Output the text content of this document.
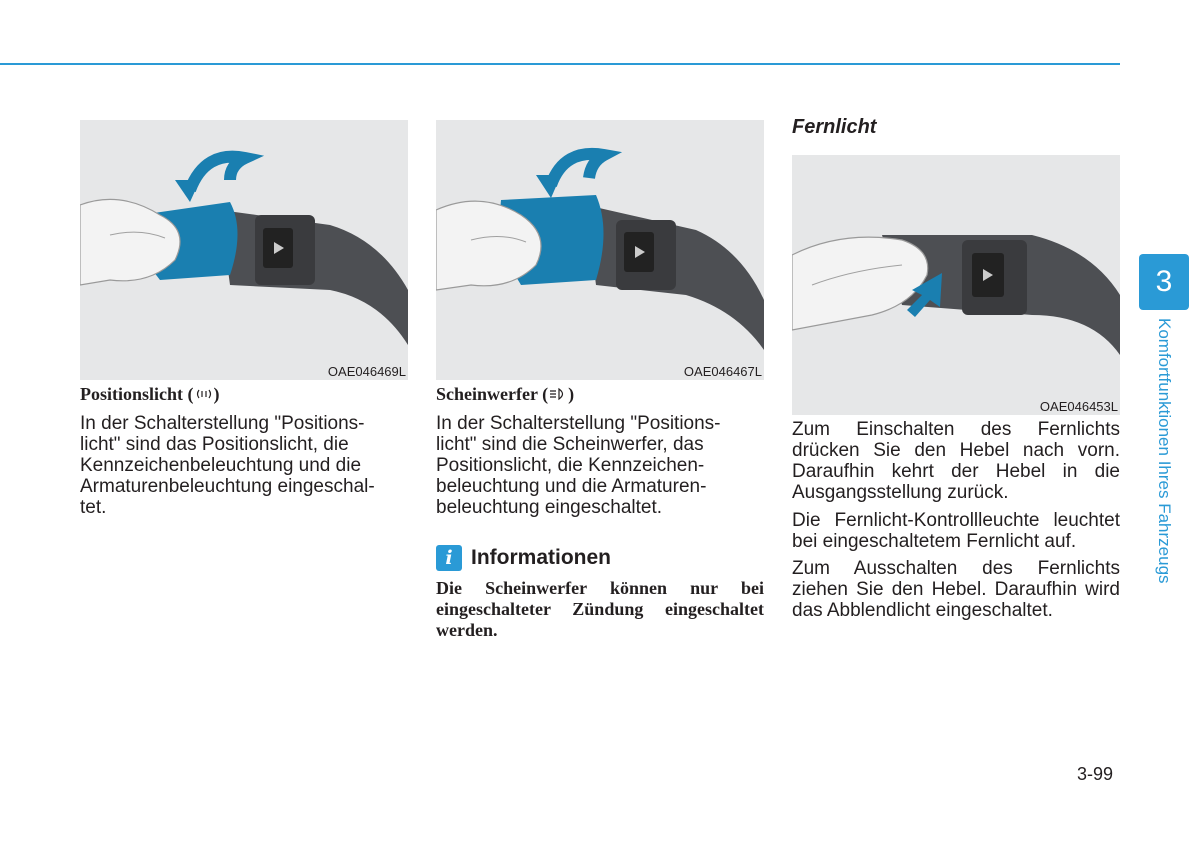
OAE046469L
Positionslicht ( )

In der Schalterstellung "Positions-
licht" sind das Positionslicht, die
Kennzeichenbeleuchtung und die
Armaturenbeleuchtung eingeschal-
tet.

OAE046467L
Scheinwerfer ( )

In der Schalterstellung "Positions-
licht" sind die Scheinwerfer, das
Positionslicht, die Kennzeichen-
beleuchtung und die Armaturen-
beleuchtung eingeschaltet.

i Informationen

Die Scheinwerfer können nur bei eingeschalteter Zündung eingeschaltet werden.

Fernlicht
OAE046453L

Zum Einschalten des Fernlichts drücken Sie den Hebel nach vorn. Daraufhin kehrt der Hebel in die Ausgangsstellung zurück.

Die Fernlicht-Kontrollleuchte leuchtet bei eingeschaltetem Fernlicht auf.

Zum Ausschalten des Fernlichts ziehen Sie den Hebel. Daraufhin wird das Abblendlicht eingeschaltet.

3
Komfortfunktionen Ihres Fahrzeugs
3-99
